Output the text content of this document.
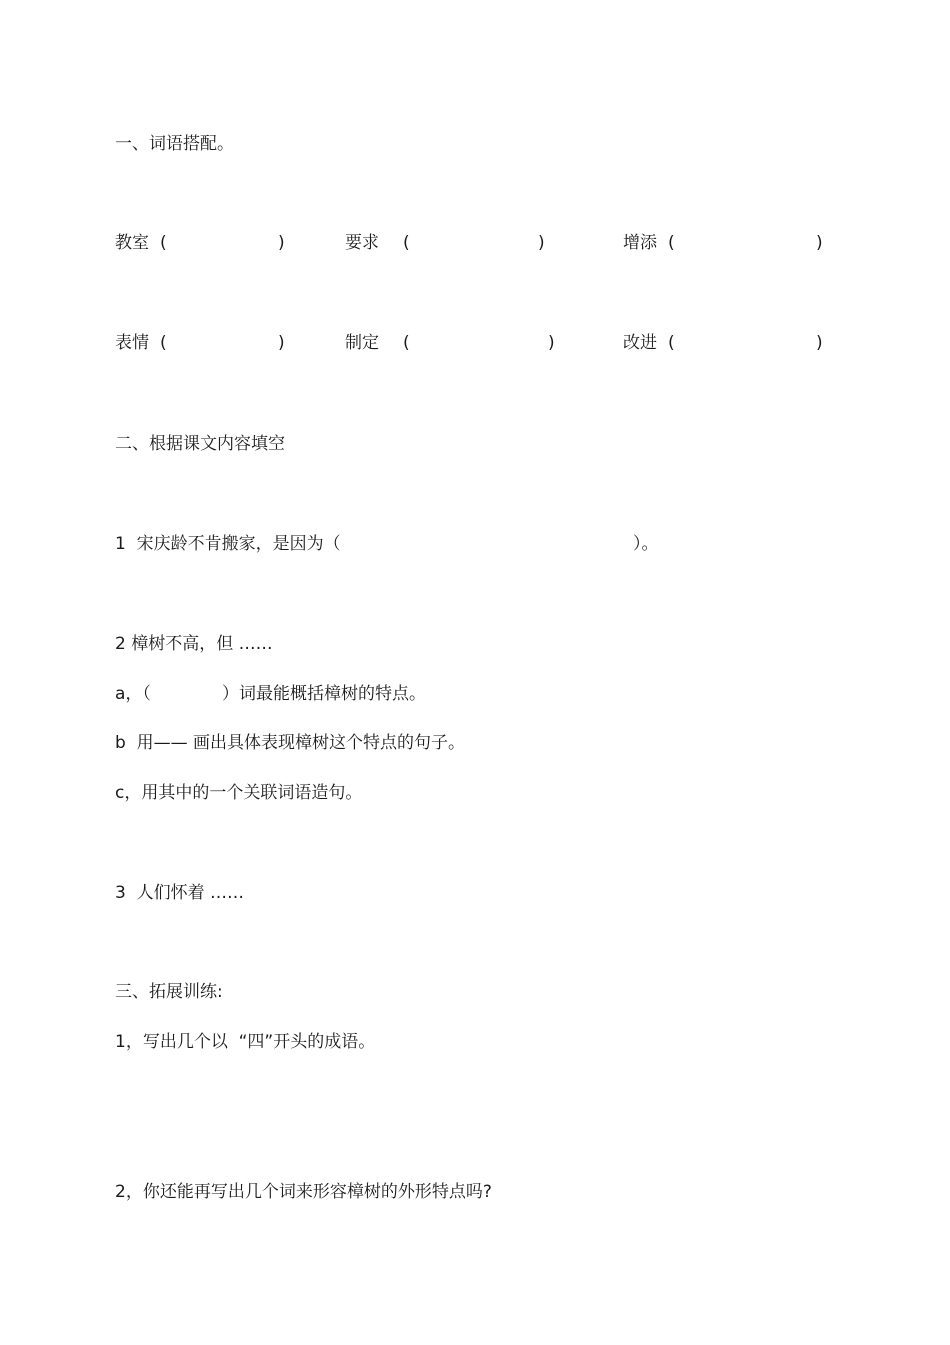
一、词语搭配。
教室 (	)	要求 (	)	增添 (	)
表情 (	)	制定 (	)	改进 (	)
二、根据课文内容填空
1  宋庆龄不肯搬家，是因为（	）。
2 樟树不高，但 ……
a，（	）词最能概括樟树的特点。
b  用—— 画出具体表现樟树这个特点的句子。
c，用其中的一个关联词语造句。
3  人们怀着 ……
三、拓展训练:
1，写出几个以  “四”开头的成语。
2，你还能再写出几个词来形容樟树的外形特点吗?
